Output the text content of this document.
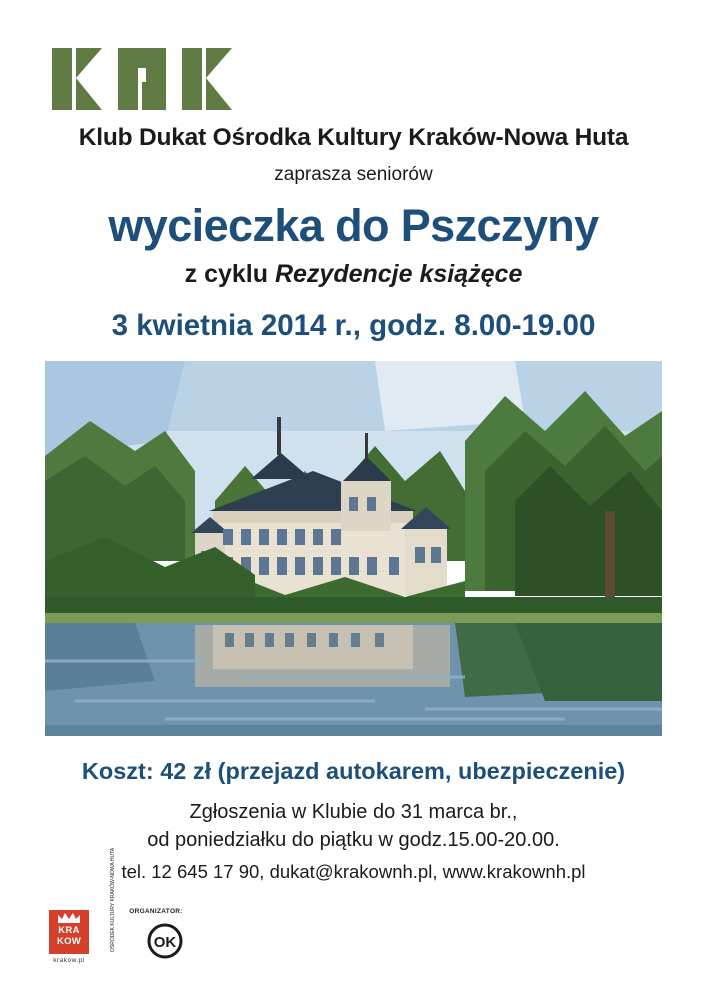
Klub Dukat Ośrodka Kultury Kraków-Nowa Huta
zaprasza seniorów
wycieczka do Pszczyny
z cyklu Rezydencje książęce
3 kwietnia 2014 r., godz. 8.00-19.00
Koszt: 42 zł (przejazd autokarem, ubezpieczenie)
Zgłoszenia w Klubie do 31 marca br.,
od poniedziałku do piątku w godz.15.00-20.00.
tel. 12 645 17 90, dukat@krakownh.pl, www.krakownh.pl
KRA
KOW
krakow.pl
ORGANIZATOR:
OK
OŚRODEK KULTURY KRAKÓW-NOWA HUTA
